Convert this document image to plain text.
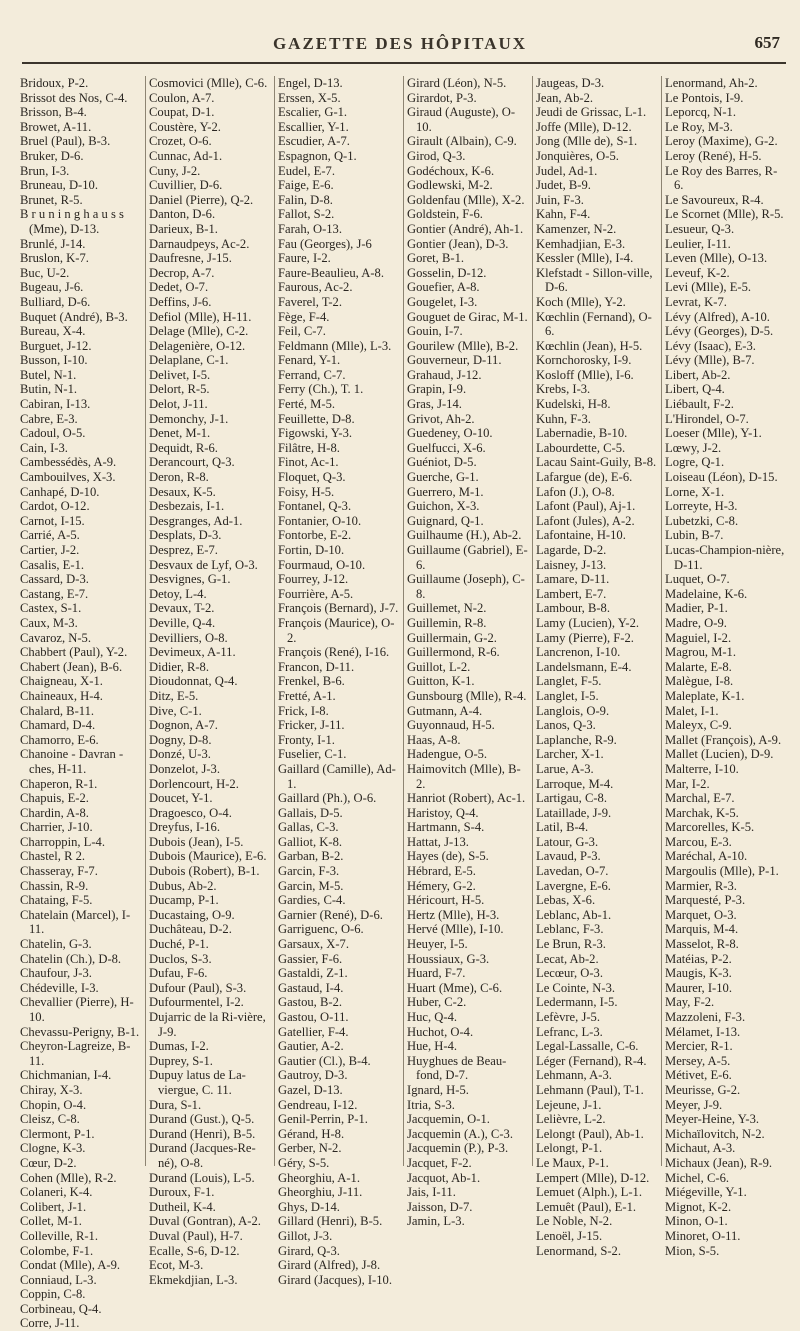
GAZETTE DES HÔPITAUX	657
Bridoux, P-2.
Brissot des Nos, C-4.
Brisson, B-4.
Browet, A-11.
Bruel (Paul), B-3.
Bruker, D-6.
Brun, I-3.
Bruneau, D-10.
Brunet, R-5.
B r u n i n g h a u s s (Mme), D-13.
Brunlé, J-14.
Bruslon, K-7.
Buc, U-2.
Bugeau, J-6.
Bulliard, D-6.
Buquet (André), B-3.
Bureau, X-4.
Burguet, J-12.
Busson, I-10.
Butel, N-1.
Butin, N-1.
Cabiran, I-13.
Cabre, E-3.
Cadoul, O-5.
Cain, I-3.
Cambessédès, A-9.
Cambouilves, X-3.
Canhapé, D-10.
Cardot, O-12.
Carnot, I-15.
Carrié, A-5.
Cartier, J-2.
Casalis, E-1.
Cassard, D-3.
Castang, E-7.
Castex, S-1.
Caux, M-3.
Cavaroz, N-5.
Chabbert (Paul), Y-2.
Chabert (Jean), B-6.
Chaigneau, X-1.
Chaineaux, H-4.
Chalard, B-11.
Chamard, D-4.
Chamorro, E-6.
Chanoine - Davran - ches, H-11.
Chaperon, R-1.
Chapuis, E-2.
Chardin, A-8.
Charrier, J-10.
Charroppin, L-4.
Chastel, R 2.
Chasseray, F-7.
Chassin, R-9.
Chataing, F-5.
Chatelain (Marcel), I-11.
Chatelin, G-3.
Chatelin (Ch.), D-8.
Chaufour, J-3.
Chédeville, I-3.
Chevallier (Pierre), H-10.
Chevassu-Perigny, B-1.
Cheyron-Lagreize, B-11.
Chichmanian, I-4.
Chiray, X-3.
Chopin, O-4.
Cleisz, C-8.
Clermont, P-1.
Clogne, K-3.
Cœur, D-2.
Cohen (Mlle), R-2.
Colaneri, K-4.
Colibert, J-1.
Collet, M-1.
Colleville, R-1.
Colombe, F-1.
Condat (Mlle), A-9.
Conniaud, L-3.
Coppin, C-8.
Corbineau, Q-4.
Corre, J-11.
Cosmovici (Mlle), C-6.
Coulon, A-7.
Coupat, D-1.
Coustère, Y-2.
Crozet, O-6.
Cunnac, Ad-1.
Cuny, J-2.
Cuvillier, D-6.
Daniel (Pierre), Q-2.
Danton, D-6.
Darieux, B-1.
Darnaudpeys, Ac-2.
Daufresne, J-15.
Decrop, A-7.
Dedet, O-7.
Deffins, J-6.
Defiol (Mlle), H-11.
Delage (Mlle), C-2.
Delagenière, O-12.
Delaplane, C-1.
Delivet, I-5.
Delort, R-5.
Delot, J-11.
Demonchy, J-1.
Denet, M-1.
Dequidt, R-6.
Derancourt, Q-3.
Deron, R-8.
Desaux, K-5.
Desbezais, I-1.
Desgranges, Ad-1.
Desplats, D-3.
Desprez, E-7.
Desvaux de Lyf, O-3.
Desvignes, G-1.
Detoy, L-4.
Devaux, T-2.
Deville, Q-4.
Devilliers, O-8.
Devimeux, A-11.
Didier, R-8.
Dioudonnat, Q-4.
Ditz, E-5.
Dive, C-1.
Dognon, A-7.
Dogny, D-8.
Donzé, U-3.
Donzelot, J-3.
Dorlencourt, H-2.
Doucet, Y-1.
Dragoesco, O-4.
Dreyfus, I-16.
Dubois (Jean), I-5.
Dubois (Maurice), E-6.
Dubois (Robert), B-1.
Dubus, Ab-2.
Ducamp, P-1.
Ducastaing, O-9.
Duchâteau, D-2.
Duché, P-1.
Duclos, S-3.
Dufau, F-6.
Dufour (Paul), S-3.
Dufourmentel, I-2.
Dujarric de la Ri-vière, J-9.
Dumas, I-2.
Duprey, S-1.
Dupuy latus de La-viergue, C. 11.
Dura, S-1.
Durand (Gust.), Q-5.
Durand (Henri), B-5.
Durand (Jacques-Re-né), O-8.
Durand (Louis), L-5.
Duroux, F-1.
Dutheil, K-4.
Duval (Gontran), A-2.
Duval (Paul), H-7.
Ecalle, S-6, D-12.
Ecot, M-3.
Ekmekdjian, L-3.
Engel, D-13.
Erssen, X-5.
Escalier, G-1.
Escallier, Y-1.
Escudier, A-7.
Espagnon, Q-1.
Eudel, E-7.
Faige, E-6.
Falin, D-8.
Fallot, S-2.
Farah, O-13.
Fau (Georges), J-6
Faure, I-2.
Faure-Beaulieu, A-8.
Faurous, Ac-2.
Faverel, T-2.
Fège, F-4.
Feil, C-7.
Feldmann (Mlle), L-3.
Fenard, Y-1.
Ferrand, C-7.
Ferry (Ch.), T. 1.
Ferté, M-5.
Feuillette, D-8.
Figowski, Y-3.
Filâtre, H-8.
Finot, Ac-1.
Floquet, Q-3.
Foisy, H-5.
Fontanel, Q-3.
Fontanier, O-10.
Fontorbe, E-2.
Fortin, D-10.
Fourmaud, O-10.
Fourrey, J-12.
Fourrière, A-5.
François (Bernard), J-7.
François (Maurice), O-2.
François (René), I-16.
Francon, D-11.
Frenkel, B-6.
Fretté, A-1.
Frick, I-8.
Fricker, J-11.
Fronty, I-1.
Fuselier, C-1.
Gaillard (Camille), Ad-1.
Gaillard (Ph.), O-6.
Gallais, D-5.
Gallas, C-3.
Galliot, K-8.
Garban, B-2.
Garcin, F-3.
Garcin, M-5.
Gardies, C-4.
Garnier (René), D-6.
Garriguenc, O-6.
Garsaux, X-7.
Gassier, F-6.
Gastaldi, Z-1.
Gastaud, I-4.
Gastou, B-2.
Gastou, O-11.
Gatellier, F-4.
Gautier, A-2.
Gautier (Cl.), B-4.
Gautroy, D-3.
Gazel, D-13.
Gendreau, I-12.
Genil-Perrin, P-1.
Gérand, H-8.
Gerber, N-2.
Géry, S-5.
Gheorghiu, A-1.
Gheorghiu, J-11.
Ghys, D-14.
Gillard (Henri), B-5.
Gillot, J-3.
Girard, Q-3.
Girard (Alfred), J-8.
Girard (Jacques), I-10.
Girard (Léon), N-5.
Girardot, P-3.
Giraud (Auguste), O-10.
Girault (Albain), C-9.
Girod, Q-3.
Godéchoux, K-6.
Godlewski, M-2.
Goldenfau (Mlle), X-2.
Goldstein, F-6.
Gontier (André), Ah-1.
Gontier (Jean), D-3.
Goret, B-1.
Gosselin, D-12.
Gouefier, A-8.
Gougelet, I-3.
Gouguet de Girac, M-1.
Gouin, I-7.
Gourilew (Mlle), B-2.
Gouverneur, D-11.
Grahaud, J-12.
Grapin, I-9.
Gras, J-14.
Grivot, Ah-2.
Guedeney, O-10.
Guelfucci, X-6.
Guéniot, D-5.
Guerche, G-1.
Guerrero, M-1.
Guichon, X-3.
Guignard, Q-1.
Guilhaume (H.), Ab-2.
Guillaume (Gabriel), E-6.
Guillaume (Joseph), C-8.
Guillemet, N-2.
Guillemin, R-8.
Guillermain, G-2.
Guillermond, R-6.
Guillot, L-2.
Guitton, K-1.
Gunsbourg (Mlle), R-4.
Gutmann, A-4.
Guyonnaud, H-5.
Haas, A-8.
Hadengue, O-5.
Haimovitch (Mlle), B-2.
Hanriot (Robert), Ac-1.
Haristoy, Q-4.
Hartmann, S-4.
Hattat, J-13.
Hayes (de), S-5.
Hébrard, E-5.
Hémery, G-2.
Héricourt, H-5.
Hertz (Mlle), H-3.
Hervé (Mlle), I-10.
Heuyer, I-5.
Houssiaux, G-3.
Huard, F-7.
Huart (Mme), C-6.
Huber, C-2.
Huc, Q-4.
Huchot, O-4.
Hue, H-4.
Huyghues de Beau-fond, D-7.
Ignard, H-5.
Itria, S-3.
Jacquemin, O-1.
Jacquemin (A.), C-3.
Jacquemin (P.), P-3.
Jacquet, F-2.
Jacquot, Ab-1.
Jais, I-11.
Jaisson, D-7.
Jamin, L-3.
Jaugeas, D-3.
Jean, Ab-2.
Jeudi de Grissac, L-1.
Joffe (Mlle), D-12.
Jong (Mlle de), S-1.
Jonquières, O-5.
Judel, Ad-1.
Judet, B-9.
Juin, F-3.
Kahn, F-4.
Kamenzer, N-2.
Kemhadjian, E-3.
Kessler (Mlle), I-4.
Klefstadt - Sillon-ville, D-6.
Koch (Mlle), Y-2.
Kœchlin (Fernand), O-6.
Kœchlin (Jean), H-5.
Kornchorosky, I-9.
Kosloff (Mlle), I-6.
Krebs, I-3.
Kudelski, H-8.
Kuhn, F-3.
Labernadie, B-10.
Labourdette, C-5.
Lacau Saint-Guily, B-8.
Lafargue (de), E-6.
Lafon (J.), O-8.
Lafont (Paul), Aj-1.
Lafont (Jules), A-2.
Lafontaine, H-10.
Lagarde, D-2.
Laisney, J-13.
Lamare, D-11.
Lambert, E-7.
Lambour, B-8.
Lamy (Lucien), Y-2.
Lamy (Pierre), F-2.
Lancrenon, I-10.
Landelsmann, E-4.
Langlet, F-5.
Langlet, I-5.
Langlois, O-9.
Lanos, Q-3.
Laplanche, R-9.
Larcher, X-1.
Larue, A-3.
Larroque, M-4.
Lartigau, C-8.
Lataillade, J-9.
Latil, B-4.
Latour, G-3.
Lavaud, P-3.
Lavedan, O-7.
Lavergne, E-6.
Lebas, X-6.
Leblanc, Ab-1.
Leblanc, F-3.
Le Brun, R-3.
Lecat, Ab-2.
Lecœur, O-3.
Le Cointe, N-3.
Ledermann, I-5.
Lefèvre, J-5.
Lefranc, L-3.
Legal-Lassalle, C-6.
Léger (Fernand), R-4.
Lehmann, A-3.
Lehmann (Paul), T-1.
Lejeune, J-1.
Lelièvre, L-2.
Lelongt (Paul), Ab-1.
Lelongt, P-1.
Le Maux, P-1.
Lempert (Mlle), D-12.
Lemuet (Alph.), L-1.
Lemuêt (Paul), E-1.
Le Noble, N-2.
Lenoël, J-15.
Lenormand, S-2.
Lenormand, Ah-2.
Le Pontois, I-9.
Leporcq, N-1.
Le Roy, M-3.
Leroy (Maxime), G-2.
Leroy (René), H-5.
Le Roy des Barres, R-6.
Le Savoureux, R-4.
Le Scornet (Mlle), R-5.
Lesueur, Q-3.
Leulier, I-11.
Leven (Mlle), O-13.
Leveuf, K-2.
Levi (Mlle), E-5.
Levrat, K-7.
Lévy (Alfred), A-10.
Lévy (Georges), D-5.
Lévy (Isaac), E-3.
Lévy (Mlle), B-7.
Libert, Ab-2.
Libert, Q-4.
Liébault, F-2.
L'Hirondel, O-7.
Loeser (Mlle), Y-1.
Lœwy, J-2.
Logre, Q-1.
Loiseau (Léon), D-15.
Lorne, X-1.
Lorreyte, H-3.
Lubetzki, C-8.
Lubin, B-7.
Lucas-Champion-nière, D-11.
Luquet, O-7.
Madelaine, K-6.
Madier, P-1.
Madre, O-9.
Maguiel, I-2.
Magrou, M-1.
Malarte, E-8.
Malègue, I-8.
Maleplate, K-1.
Malet, I-1.
Maleyx, C-9.
Mallet (François), A-9.
Mallet (Lucien), D-9.
Malterre, I-10.
Mar, I-2.
Marchal, E-7.
Marchak, K-5.
Marcorelles, K-5.
Marcou, E-3.
Maréchal, A-10.
Margoulis (Mlle), P-1.
Marmier, R-3.
Marquesté, P-3.
Marquet, O-3.
Marquis, M-4.
Masselot, R-8.
Matéias, P-2.
Maugis, K-3.
Maurer, I-10.
May, F-2.
Mazzoleni, F-3.
Mélamet, I-13.
Mercier, R-1.
Mersey, A-5.
Métivet, E-6.
Meurisse, G-2.
Meyer, J-9.
Meyer-Heine, Y-3.
Michaïlovitch, N-2.
Michaut, A-3.
Michaux (Jean), R-9.
Michel, C-6.
Miégeville, Y-1.
Mignot, K-2.
Minon, O-1.
Minoret, O-11.
Mion, S-5.
